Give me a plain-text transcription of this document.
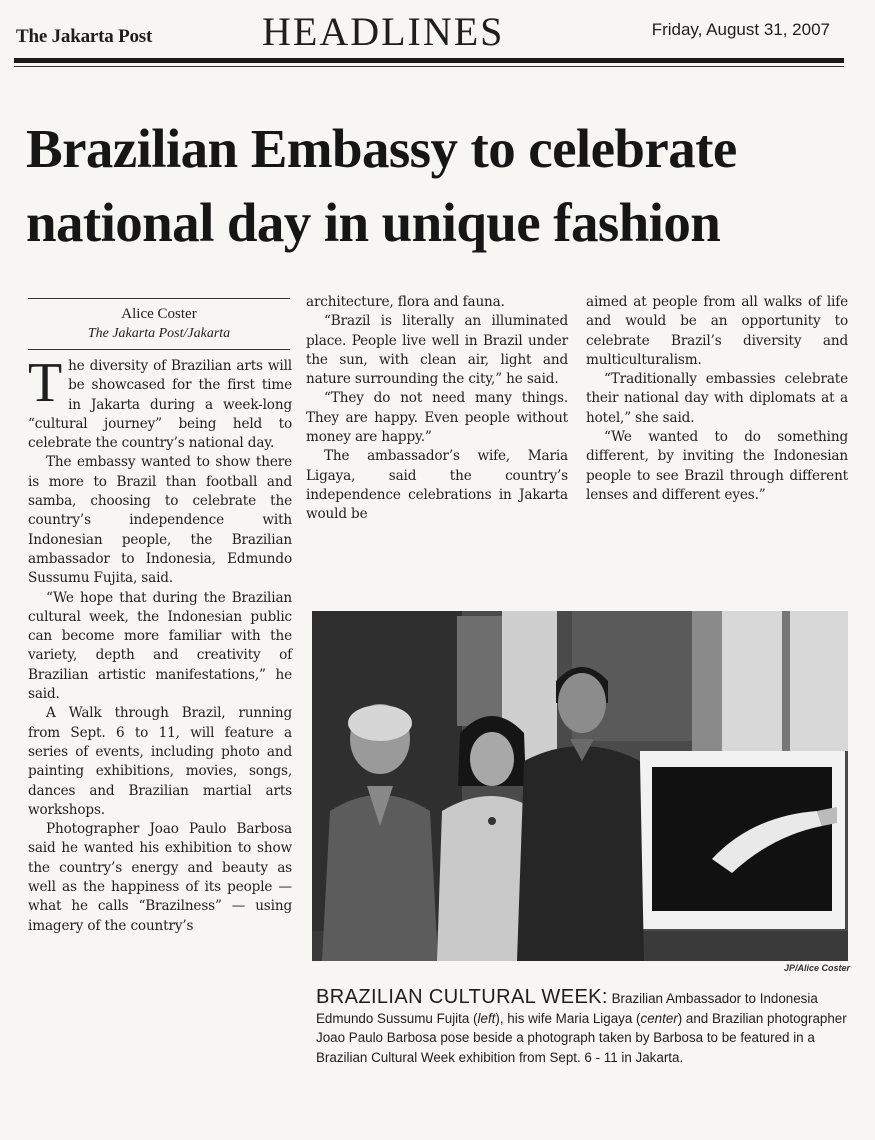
The Jakarta Post	HEADLINES	Friday, August 31, 2007
Brazilian Embassy to celebrate national day in unique fashion
Alice Coster
The Jakarta Post/Jakarta

The diversity of Brazilian arts will be showcased for the first time in Jakarta during a week-long “cultural journey” being held to celebrate the country’s national day.

The embassy wanted to show there is more to Brazil than football and samba, choosing to celebrate the country’s independence with Indonesian people, the Brazilian ambassador to Indonesia, Edmundo Sussumu Fujita, said.

“We hope that during the Brazilian cultural week, the Indonesian public can become more familiar with the variety, depth and creativity of Brazilian artistic manifestations,” he said.

A Walk through Brazil, running from Sept. 6 to 11, will feature a series of events, including photo and painting exhibitions, movies, songs, dances and Brazilian martial arts workshops.

Photographer Joao Paulo Barbosa said he wanted his exhibition to show the country’s energy and beauty as well as the happiness of its people — what he calls “Brazilness” — using imagery of the country’s

architecture, flora and fauna.

“Brazil is literally an illuminated place. People live well in Brazil under the sun, with clean air, light and nature surrounding the city,” he said.

“They do not need many things. They are happy. Even people without money are happy.”

The ambassador’s wife, Maria Ligaya, said the country’s independence celebrations in Jakarta would be

aimed at people from all walks of life and would be an opportunity to celebrate Brazil’s diversity and multiculturalism.

“Traditionally embassies celebrate their national day with diplomats at a hotel,” she said.

“We wanted to do something different, by inviting the Indonesian people to see Brazil through different lenses and different eyes.”

JP/Alice Coster
BRAZILIAN CULTURAL WEEK: Brazilian Ambassador to Indonesia Edmundo Sussumu Fujita (left), his wife Maria Ligaya (center) and Brazilian photographer Joao Paulo Barbosa pose beside a photograph taken by Barbosa to be featured in a Brazilian Cultural Week exhibition from Sept. 6 - 11 in Jakarta.
